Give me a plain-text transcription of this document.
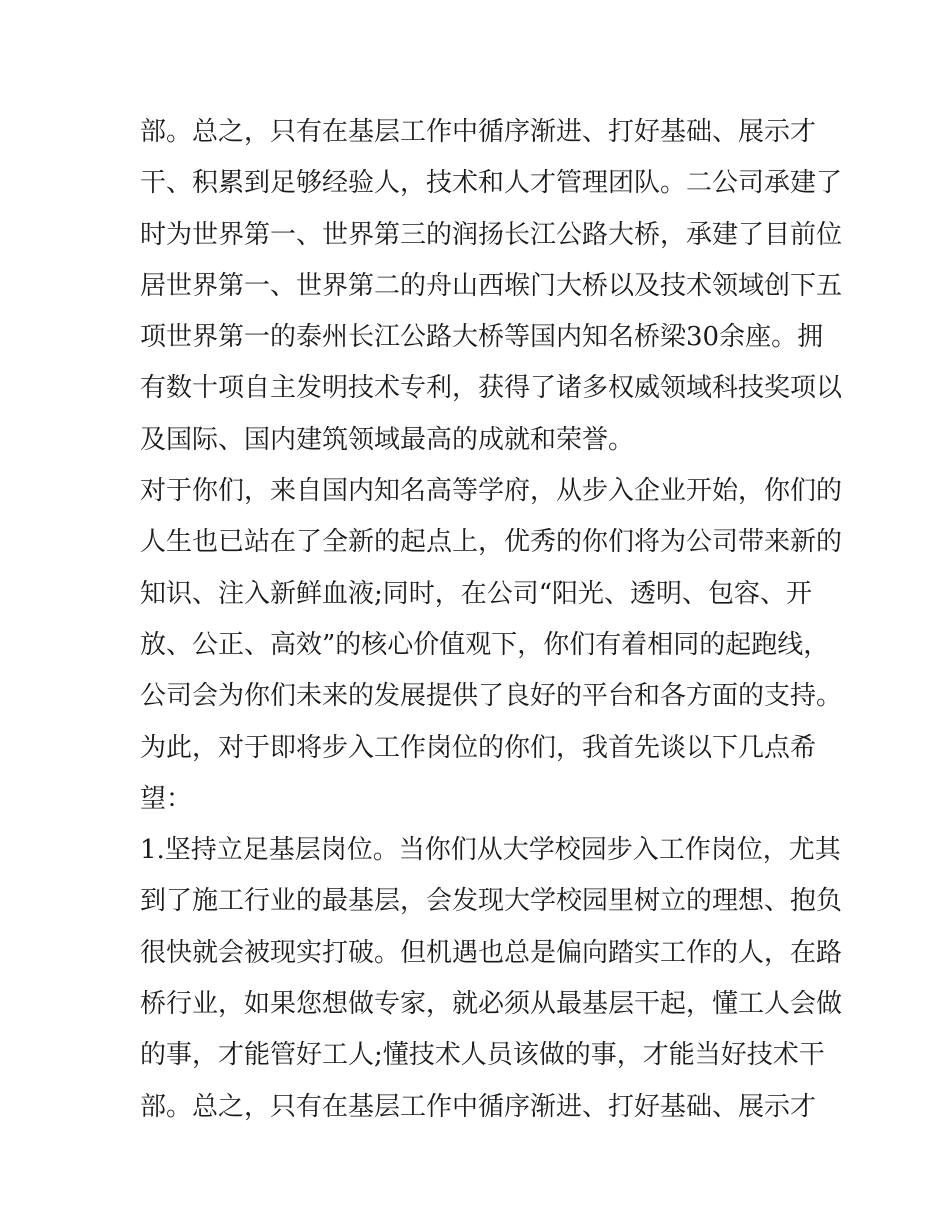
部。总之，只有在基层工作中循序渐进、打好基础、展示才
干、积累到足够经验人，技术和人才管理团队。二公司承建了
时为世界第一、世界第三的润扬长江公路大桥，承建了目前位
居世界第一、世界第二的舟山西堠门大桥以及技术领域创下五
项世界第一的泰州长江公路大桥等国内知名桥梁30余座。拥
有数十项自主发明技术专利，获得了诸多权威领域科技奖项以
及国际、国内建筑领域最高的成就和荣誉。
对于你们，来自国内知名高等学府，从步入企业开始，你们的
人生也已站在了全新的起点上，优秀的你们将为公司带来新的
知识、注入新鲜血液;同时，在公司“阳光、透明、包容、开
放、公正、高效”的核心价值观下，你们有着相同的起跑线，
公司会为你们未来的发展提供了良好的平台和各方面的支持。
为此，对于即将步入工作岗位的你们，我首先谈以下几点希
望：
1.坚持立足基层岗位。当你们从大学校园步入工作岗位，尤其
到了施工行业的最基层，会发现大学校园里树立的理想、抱负
很快就会被现实打破。但机遇也总是偏向踏实工作的人，在路
桥行业，如果您想做专家，就必须从最基层干起，懂工人会做
的事，才能管好工人;懂技术人员该做的事，才能当好技术干
部。总之，只有在基层工作中循序渐进、打好基础、展示才
